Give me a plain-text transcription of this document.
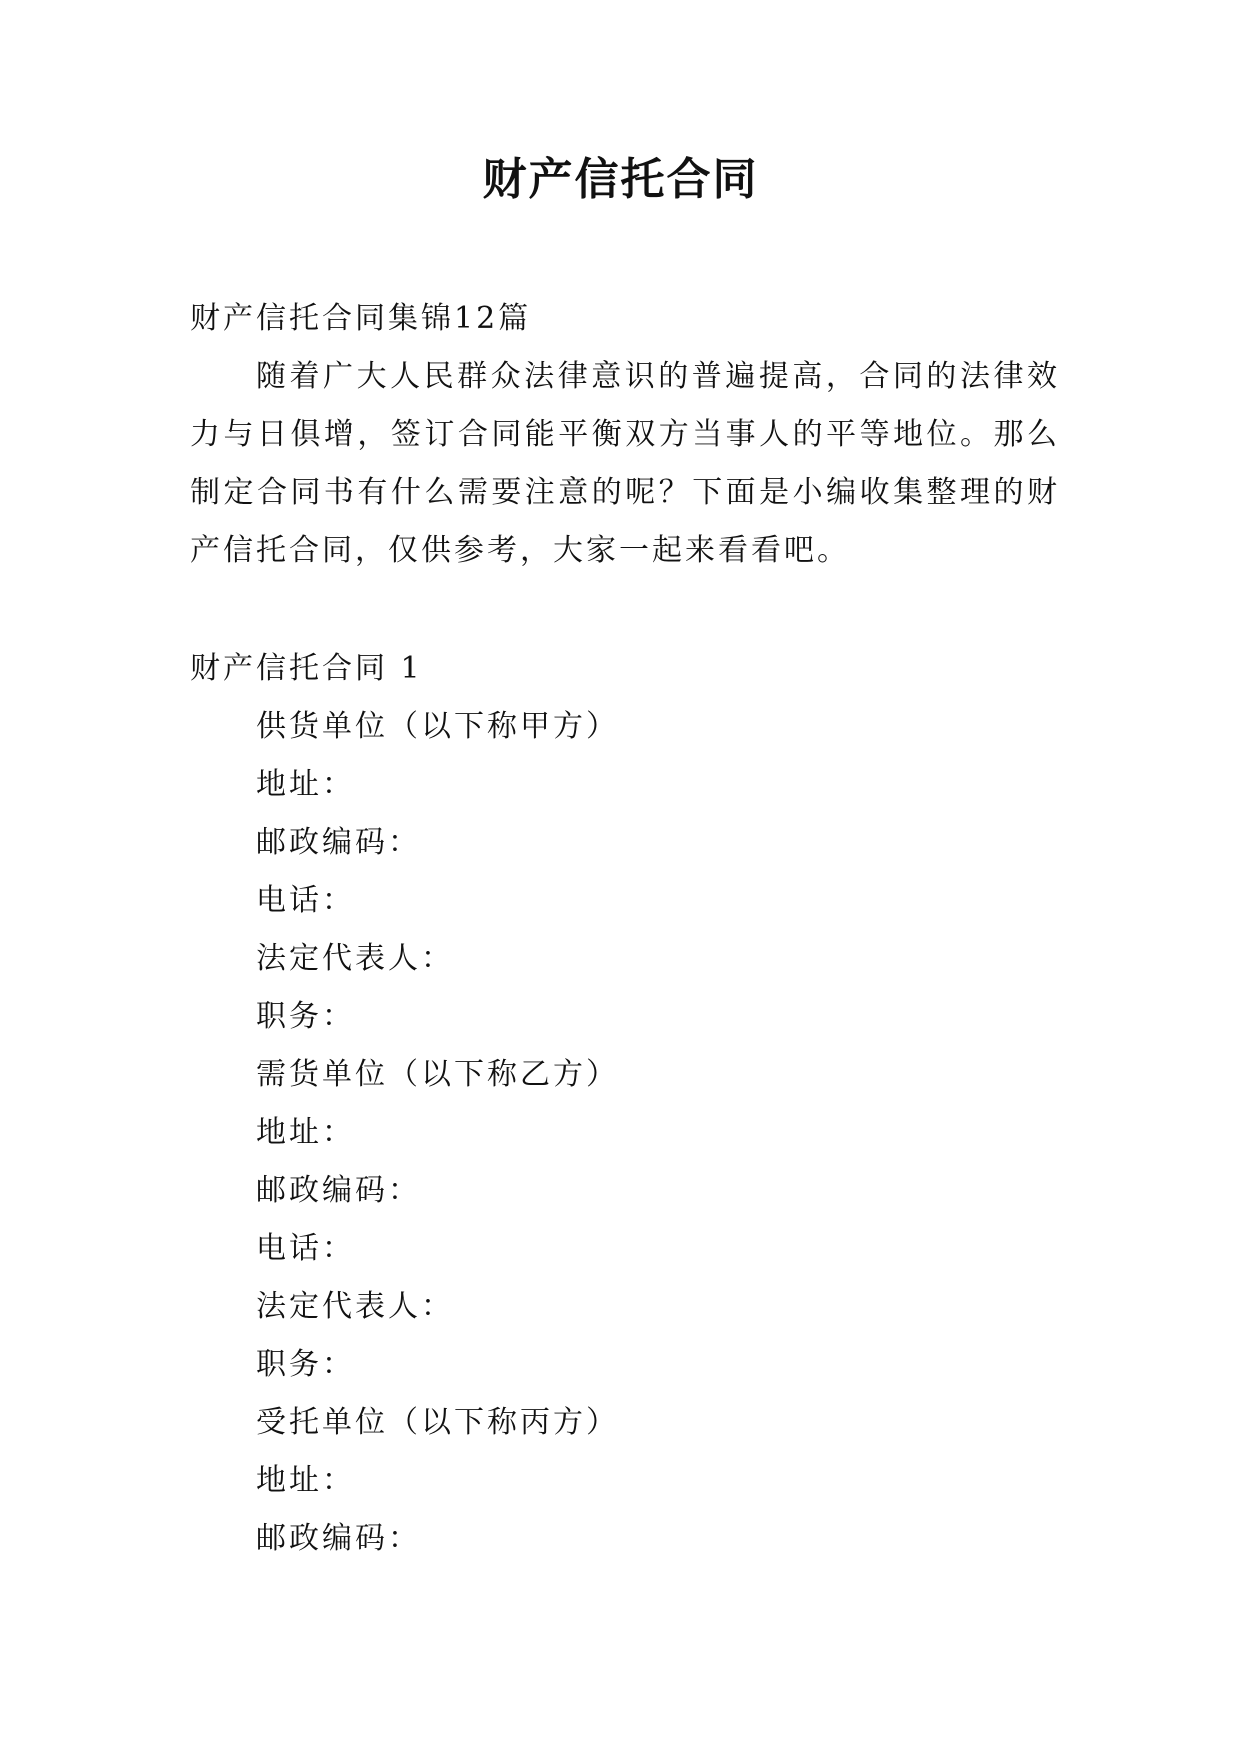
财产信托合同
财产信托合同集锦12篇
随着广大人民群众法律意识的普遍提高，合同的法律效力与日俱增，签订合同能平衡双方当事人的平等地位。那么制定合同书有什么需要注意的呢？下面是小编收集整理的财产信托合同，仅供参考，大家一起来看看吧。
财产信托合同 1
供货单位（以下称甲方）
地址：
邮政编码：
电话：
法定代表人：
职务：
需货单位（以下称乙方）
地址：
邮政编码：
电话：
法定代表人：
职务：
受托单位（以下称丙方）
地址：
邮政编码：
